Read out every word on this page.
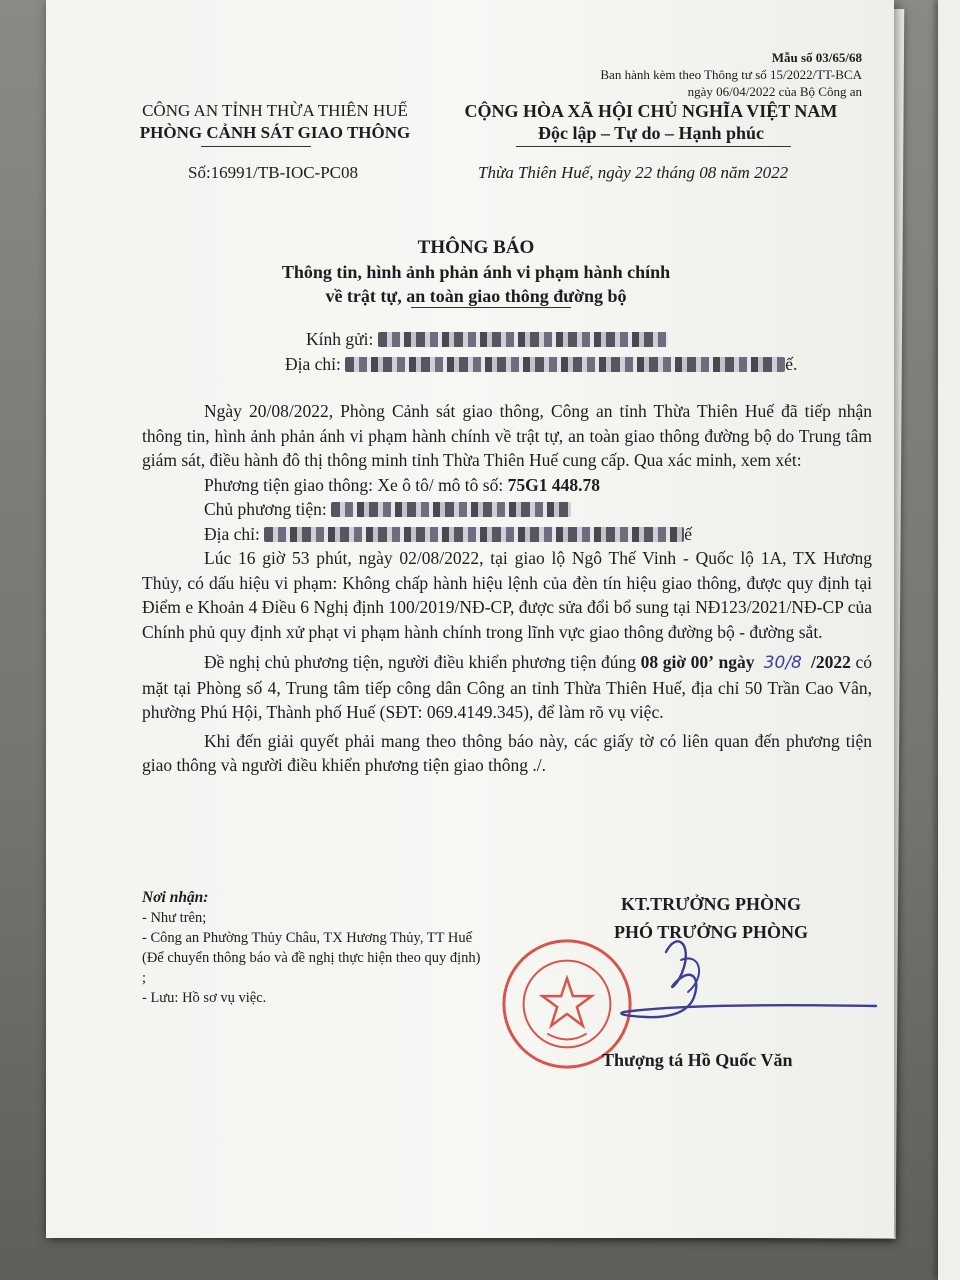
Mẫu số 03/65/68
Ban hành kèm theo Thông tư số 15/2022/TT-BCA
ngày 06/04/2022 của Bộ Công an
CÔNG AN TỈNH THỪA THIÊN HUẾ
PHÒNG CẢNH SÁT GIAO THÔNG
CỘNG HÒA XÃ HỘI CHỦ NGHĨA VIỆT NAM
Độc lập – Tự do – Hạnh phúc
Số:16991/TB-IOC-PC08	Thừa Thiên Huế, ngày 22 tháng 08 năm 2022
THÔNG BÁO
Thông tin, hình ảnh phản ánh vi phạm hành chính
về trật tự, an toàn giao thông đường bộ

Kính gửi:

Địa chỉ:	ế.

Ngày 20/08/2022, Phòng Cảnh sát giao thông, Công an tỉnh Thừa Thiên Huế đã tiếp nhận thông tin, hình ảnh phản ánh vi phạm hành chính về trật tự, an toàn giao thông đường bộ do Trung tâm giám sát, điều hành đô thị thông minh tỉnh Thừa Thiên Huế cung cấp. Qua xác minh, xem xét:

Phương tiện giao thông: Xe ô tô/ mô tô số: 75G1 448.78

Chủ phương tiện:

Địa chỉ:	ế

Lúc 16 giờ 53 phút, ngày 02/08/2022, tại giao lộ Ngô Thế Vinh - Quốc lộ 1A, TX Hương Thủy, có dấu hiệu vi phạm: Không chấp hành hiệu lệnh của đèn tín hiệu giao thông, được quy định tại Điểm e Khoản 4 Điều 6 Nghị định 100/2019/NĐ-CP, được sửa đổi bổ sung tại NĐ123/2021/NĐ-CP của Chính phủ quy định xử phạt vi phạm hành chính trong lĩnh vực giao thông đường bộ - đường sắt.

Đề nghị chủ phương tiện, người điều khiển phương tiện đúng 08 giờ 00’ ngày 30/8 /2022 có mặt tại Phòng số 4, Trung tâm tiếp công dân Công an tỉnh Thừa Thiên Huế, địa chỉ 50 Trần Cao Vân, phường Phú Hội, Thành phố Huế (SĐT: 069.4149.345), để làm rõ vụ việc.

Khi đến giải quyết phải mang theo thông báo này, các giấy tờ có liên quan đến phương tiện giao thông và người điều khiển phương tiện giao thông ./.

Nơi nhận:
- Như trên;
- Công an Phường Thủy Châu, TX Hương Thủy, TT Huế (Để chuyển thông báo và đề nghị thực hiện theo quy định) ;
- Lưu: Hồ sơ vụ việc.
KT.TRƯỞNG PHÒNG
PHÓ TRƯỞNG PHÒNG
Thượng tá Hồ Quốc Văn
